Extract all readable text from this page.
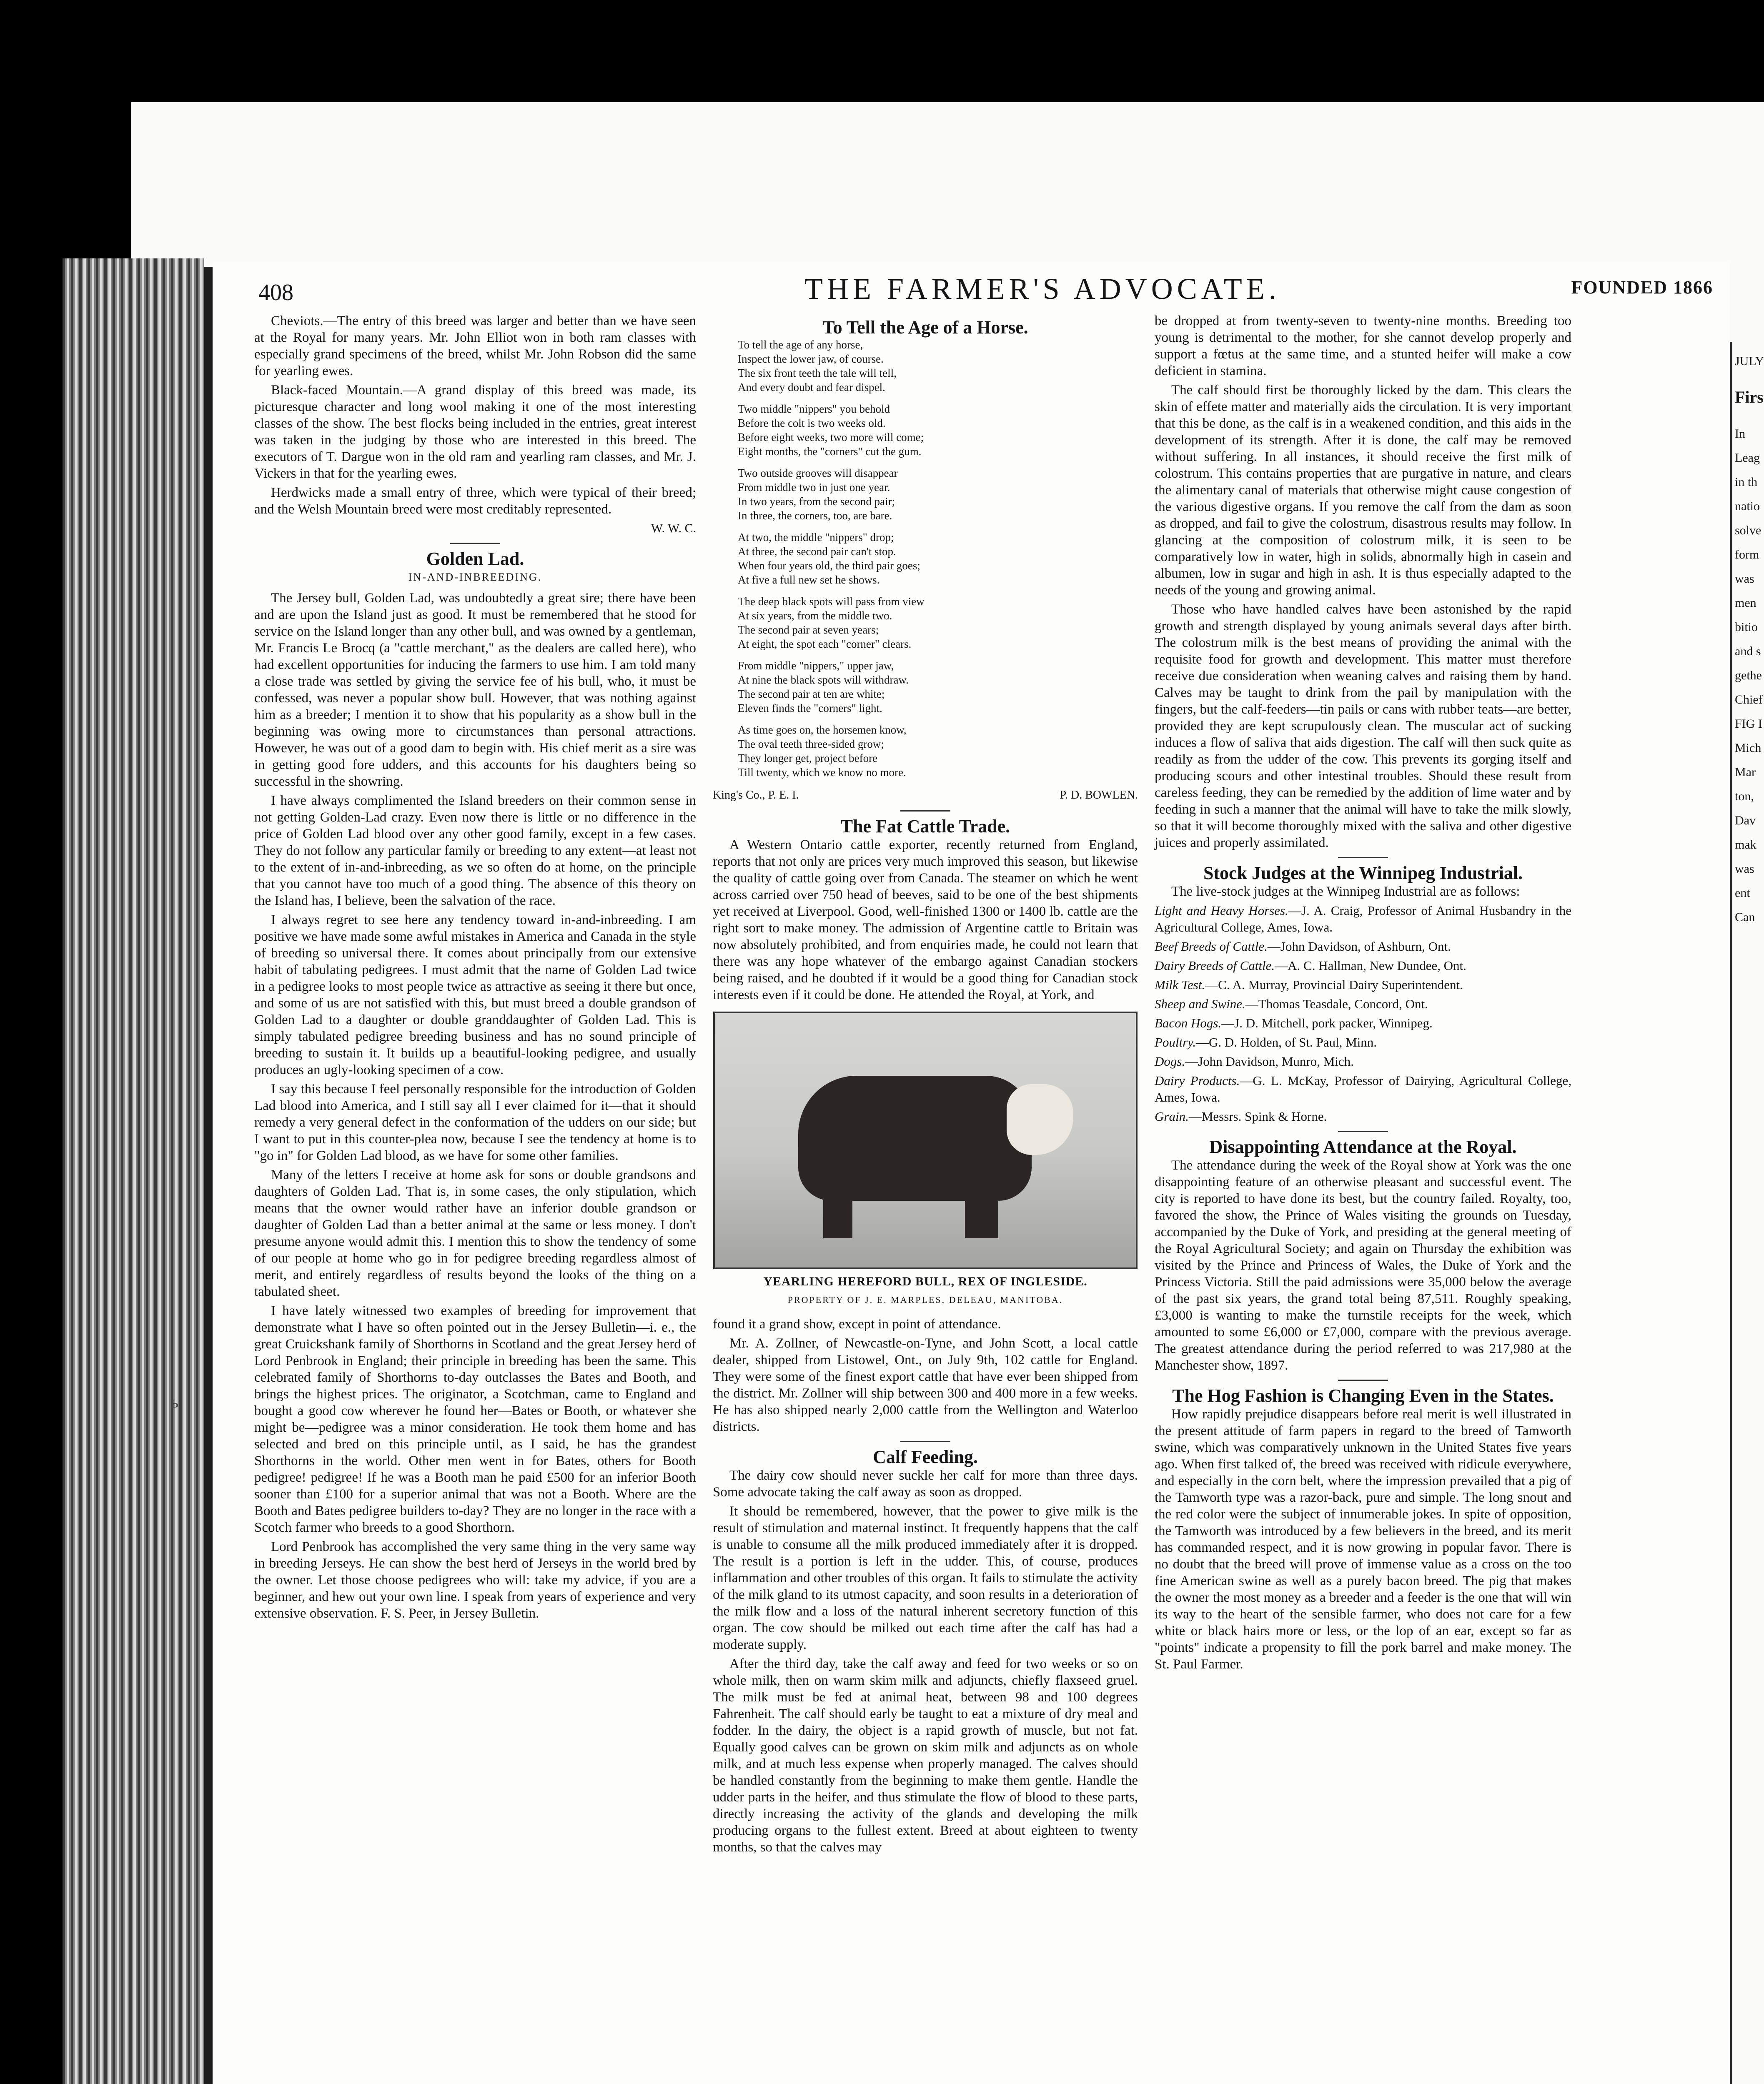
ь
408	THE FARMER'S ADVOCATE.	FOUNDED 1866

Cheviots.—The entry of this breed was larger and better than we have seen at the Royal for many years. Mr. John Elliot won in both ram classes with especially grand specimens of the breed, whilst Mr. John Robson did the same for yearling ewes.

Black-faced Mountain.—A grand display of this breed was made, its picturesque character and long wool making it one of the most interesting classes of the show. The best flocks being included in the entries, great interest was taken in the judging by those who are interested in this breed. The executors of T. Dargue won in the old ram and yearling ram classes, and Mr. J. Vickers in that for the yearling ewes.

Herdwicks made a small entry of three, which were typical of their breed; and the Welsh Mountain breed were most creditably represented.

W. W. C.
Golden Lad.
IN-AND-INBREEDING.

The Jersey bull, Golden Lad, was undoubtedly a great sire; there have been and are upon the Island just as good. It must be remembered that he stood for service on the Island longer than any other bull, and was owned by a gentleman, Mr. Francis Le Brocq (a "cattle merchant," as the dealers are called here), who had excellent opportunities for inducing the farmers to use him. I am told many a close trade was settled by giving the service fee of his bull, who, it must be confessed, was never a popular show bull. However, that was nothing against him as a breeder; I mention it to show that his popularity as a show bull in the beginning was owing more to circumstances than personal attractions. However, he was out of a good dam to begin with. His chief merit as a sire was in getting good fore udders, and this accounts for his daughters being so successful in the showring.

I have always complimented the Island breeders on their common sense in not getting Golden-Lad crazy. Even now there is little or no difference in the price of Golden Lad blood over any other good family, except in a few cases. They do not follow any particular family or breeding to any extent—at least not to the extent of in-and-inbreeding, as we so often do at home, on the principle that you cannot have too much of a good thing. The absence of this theory on the Island has, I believe, been the salvation of the race.

I always regret to see here any tendency toward in-and-inbreeding. I am positive we have made some awful mistakes in America and Canada in the style of breeding so universal there. It comes about principally from our extensive habit of tabulating pedigrees. I must admit that the name of Golden Lad twice in a pedigree looks to most people twice as attractive as seeing it there but once, and some of us are not satisfied with this, but must breed a double grandson of Golden Lad to a daughter or double granddaughter of Golden Lad. This is simply tabulated pedigree breeding business and has no sound principle of breeding to sustain it. It builds up a beautiful-looking pedigree, and usually produces an ugly-looking specimen of a cow.

I say this because I feel personally responsible for the introduction of Golden Lad blood into America, and I still say all I ever claimed for it—that it should remedy a very general defect in the conformation of the udders on our side; but I want to put in this counter-plea now, because I see the tendency at home is to "go in" for Golden Lad blood, as we have for some other families.

Many of the letters I receive at home ask for sons or double grandsons and daughters of Golden Lad. That is, in some cases, the only stipulation, which means that the owner would rather have an inferior double grandson or daughter of Golden Lad than a better animal at the same or less money. I don't presume anyone would admit this. I mention this to show the tendency of some of our people at home who go in for pedigree breeding regardless almost of merit, and entirely regardless of results beyond the looks of the thing on a tabulated sheet.

I have lately witnessed two examples of breeding for improvement that demonstrate what I have so often pointed out in the Jersey Bulletin—i. e., the great Cruickshank family of Shorthorns in Scotland and the great Jersey herd of Lord Penbrook in England; their principle in breeding has been the same. This celebrated family of Shorthorns to-day outclasses the Bates and Booth, and brings the highest prices. The originator, a Scotchman, came to England and bought a good cow wherever he found her—Bates or Booth, or whatever she might be—pedigree was a minor consideration. He took them home and has selected and bred on this principle until, as I said, he has the grandest Shorthorns in the world. Other men went in for Bates, others for Booth pedigree! pedigree! If he was a Booth man he paid £500 for an inferior Booth sooner than £100 for a superior animal that was not a Booth. Where are the Booth and Bates pedigree builders to-day? They are no longer in the race with a Scotch farmer who breeds to a good Shorthorn.

Lord Penbrook has accomplished the very same thing in the very same way in breeding Jerseys. He can show the best herd of Jerseys in the world bred by the owner. Let those choose pedigrees who will: take my advice, if you are a beginner, and hew out your own line. I speak from years of experience and very extensive observation. F. S. Peer, in Jersey Bulletin.

To Tell the Age of a Horse.
To tell the age of any horse,
Inspect the lower jaw, of course.
The six front teeth the tale will tell,
And every doubt and fear dispel.
Two middle "nippers" you behold
Before the colt is two weeks old.
Before eight weeks, two more will come;
Eight months, the "corners" cut the gum.
Two outside grooves will disappear
From middle two in just one year.
In two years, from the second pair;
In three, the corners, too, are bare.
At two, the middle "nippers" drop;
At three, the second pair can't stop.
When four years old, the third pair goes;
At five a full new set he shows.
The deep black spots will pass from view
At six years, from the middle two.
The second pair at seven years;
At eight, the spot each "corner" clears.
From middle "nippers," upper jaw,
At nine the black spots will withdraw.
The second pair at ten are white;
Eleven finds the "corners" light.
As time goes on, the horsemen know,
The oval teeth three-sided grow;
They longer get, project before
Till twenty, which we know no more.
King's Co., P. E. I.	P. D. BOWLEN.
The Fat Cattle Trade.

A Western Ontario cattle exporter, recently returned from England, reports that not only are prices very much improved this season, but likewise the quality of cattle going over from Canada. The steamer on which he went across carried over 750 head of beeves, said to be one of the best shipments yet received at Liverpool. Good, well-finished 1300 or 1400 lb. cattle are the right sort to make money. The admission of Argentine cattle to Britain was now absolutely prohibited, and from enquiries made, he could not learn that there was any hope whatever of the embargo against Canadian stockers being raised, and he doubted if it would be a good thing for Canadian stock interests even if it could be done. He attended the Royal, at York, and

YEARLING HEREFORD BULL, REX OF INGLESIDE.
PROPERTY OF J. E. MARPLES, DELEAU, MANITOBA.

found it a grand show, except in point of attendance.

Mr. A. Zollner, of Newcastle-on-Tyne, and John Scott, a local cattle dealer, shipped from Listowel, Ont., on July 9th, 102 cattle for England. They were some of the finest export cattle that have ever been shipped from the district. Mr. Zollner will ship between 300 and 400 more in a few weeks. He has also shipped nearly 2,000 cattle from the Wellington and Waterloo districts.

Calf Feeding.

The dairy cow should never suckle her calf for more than three days. Some advocate taking the calf away as soon as dropped.

It should be remembered, however, that the power to give milk is the result of stimulation and maternal instinct. It frequently happens that the calf is unable to consume all the milk produced immediately after it is dropped. The result is a portion is left in the udder. This, of course, produces inflammation and other troubles of this organ. It fails to stimulate the activity of the milk gland to its utmost capacity, and soon results in a deterioration of the milk flow and a loss of the natural inherent secretory function of this organ. The cow should be milked out each time after the calf has had a moderate supply.

After the third day, take the calf away and feed for two weeks or so on whole milk, then on warm skim milk and adjuncts, chiefly flaxseed gruel. The milk must be fed at animal heat, between 98 and 100 degrees Fahrenheit. The calf should early be taught to eat a mixture of dry meal and fodder. In the dairy, the object is a rapid growth of muscle, but not fat. Equally good calves can be grown on skim milk and adjuncts as on whole milk, and at much less expense when properly managed. The calves should be handled constantly from the beginning to make them gentle. Handle the udder parts in the heifer, and thus stimulate the flow of blood to these parts, directly increasing the activity of the glands and developing the milk producing organs to the fullest extent. Breed at about eighteen to twenty months, so that the calves may

be dropped at from twenty-seven to twenty-nine months. Breeding too young is detrimental to the mother, for she cannot develop properly and support a fœtus at the same time, and a stunted heifer will make a cow deficient in stamina.

The calf should first be thoroughly licked by the dam. This clears the skin of effete matter and materially aids the circulation. It is very important that this be done, as the calf is in a weakened condition, and this aids in the development of its strength. After it is done, the calf may be removed without suffering. In all instances, it should receive the first milk of colostrum. This contains properties that are purgative in nature, and clears the alimentary canal of materials that otherwise might cause congestion of the various digestive organs. If you remove the calf from the dam as soon as dropped, and fail to give the colostrum, disastrous results may follow. In glancing at the composition of colostrum milk, it is seen to be comparatively low in water, high in solids, abnormally high in casein and albumen, low in sugar and high in ash. It is thus especially adapted to the needs of the young and growing animal.

Those who have handled calves have been astonished by the rapid growth and strength displayed by young animals several days after birth. The colostrum milk is the best means of providing the animal with the requisite food for growth and development. This matter must therefore receive due consideration when weaning calves and raising them by hand. Calves may be taught to drink from the pail by manipulation with the fingers, but the calf-feeders—tin pails or cans with rubber teats—are better, provided they are kept scrupulously clean. The muscular act of sucking induces a flow of saliva that aids digestion. The calf will then suck quite as readily as from the udder of the cow. This prevents its gorging itself and producing scours and other intestinal troubles. Should these result from careless feeding, they can be remedied by the addition of lime water and by feeding in such a manner that the animal will have to take the milk slowly, so that it will become thoroughly mixed with the saliva and other digestive juices and properly assimilated.

Stock Judges at the Winnipeg Industrial.

The live-stock judges at the Winnipeg Industrial are as follows:

Light and Heavy Horses.—J. A. Craig, Professor of Animal Husbandry in the Agricultural College, Ames, Iowa.

Beef Breeds of Cattle.—John Davidson, of Ashburn, Ont.

Dairy Breeds of Cattle.—A. C. Hallman, New Dundee, Ont.

Milk Test.—C. A. Murray, Provincial Dairy Superintendent.

Sheep and Swine.—Thomas Teasdale, Concord, Ont.

Bacon Hogs.—J. D. Mitchell, pork packer, Winnipeg.

Poultry.—G. D. Holden, of St. Paul, Minn.

Dogs.—John Davidson, Munro, Mich.

Dairy Products.—G. L. McKay, Professor of Dairying, Agricultural College, Ames, Iowa.

Grain.—Messrs. Spink & Horne.

Disappointing Attendance at the Royal.

The attendance during the week of the Royal show at York was the one disappointing feature of an otherwise pleasant and successful event. The city is reported to have done its best, but the country failed. Royalty, too, favored the show, the Prince of Wales visiting the grounds on Tuesday, accompanied by the Duke of York, and presiding at the general meeting of the Royal Agricultural Society; and again on Thursday the exhibition was visited by the Prince and Princess of Wales, the Duke of York and the Princess Victoria. Still the paid admissions were 35,000 below the average of the past six years, the grand total being 87,511. Roughly speaking, £3,000 is wanting to make the turnstile receipts for the week, which amounted to some £6,000 or £7,000, compare with the previous average. The greatest attendance during the period referred to was 217,980 at the Manchester show, 1897.

The Hog Fashion is Changing Even in the States.

How rapidly prejudice disappears before real merit is well illustrated in the present attitude of farm papers in regard to the breed of Tamworth swine, which was comparatively unknown in the United States five years ago. When first talked of, the breed was received with ridicule everywhere, and especially in the corn belt, where the impression prevailed that a pig of the Tamworth type was a razor-back, pure and simple. The long snout and the red color were the subject of innumerable jokes. In spite of opposition, the Tamworth was introduced by a few believers in the breed, and its merit has commanded respect, and it is now growing in popular favor. There is no doubt that the breed will prove of immense value as a cross on the too fine American swine as well as a purely bacon breed. The pig that makes the owner the most money as a breeder and a feeder is the one that will win its way to the heart of the sensible farmer, who does not care for a few white or black hairs more or less, or the lop of an ear, except so far as "points" indicate a propensity to fill the pork barrel and make money. The St. Paul Farmer.

JULY
Firs
In
Leag
in th
natio
solve
form
was
men
bitio
and s
gethe
Chief
FIG I
Mich
Mar
ton,
Dav
mak
was
ent
Can
